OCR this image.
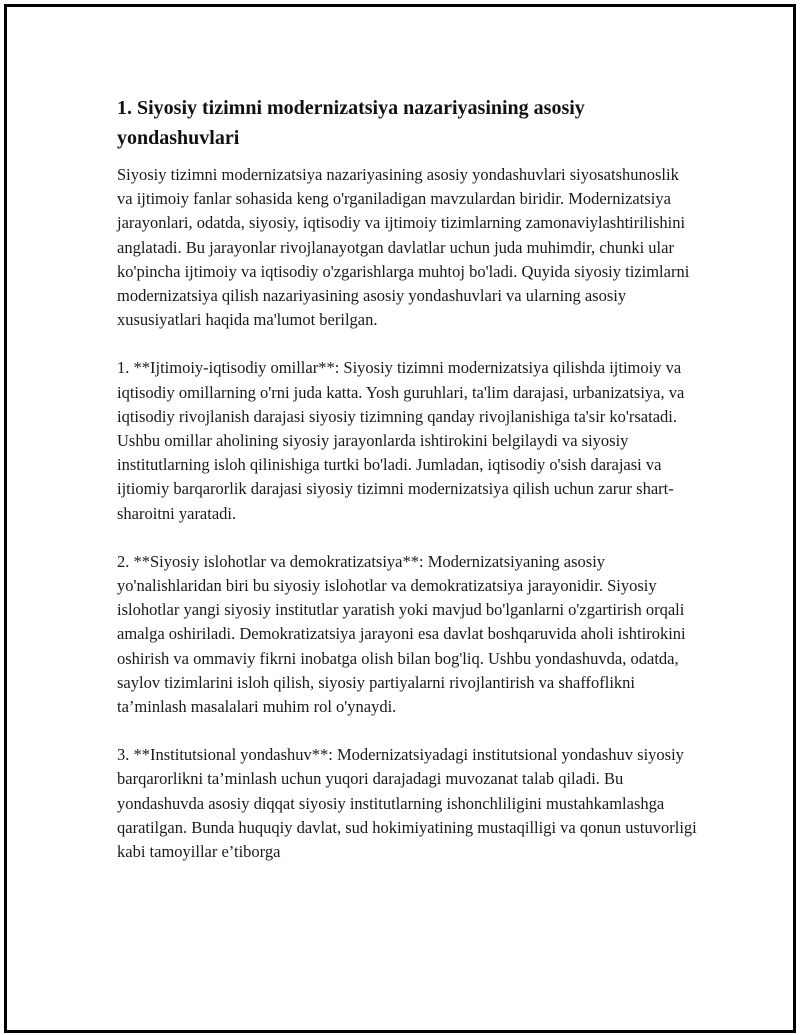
1. Siyosiy tizimni modernizatsiya nazariyasining asosiy yondashuvlari

Siyosiy tizimni modernizatsiya nazariyasining asosiy yondashuvlari siyosatshunoslik va ijtimoiy fanlar sohasida keng o'rganiladigan mavzulardan biridir. Modernizatsiya jarayonlari, odatda, siyosiy, iqtisodiy va ijtimoiy tizimlarning zamonaviylashtirilishini anglatadi. Bu jarayonlar rivojlanayotgan davlatlar uchun juda muhimdir, chunki ular ko'pincha ijtimoiy va iqtisodiy o'zgarishlarga muhtoj bo'ladi. Quyida siyosiy tizimlarni modernizatsiya qilish nazariyasining asosiy yondashuvlari va ularning asosiy xususiyatlari haqida ma'lumot berilgan.

1. **Ijtimoiy-iqtisodiy omillar**: Siyosiy tizimni modernizatsiya qilishda ijtimoiy va iqtisodiy omillarning o'rni juda katta. Yosh guruhlari, ta'lim darajasi, urbanizatsiya, va iqtisodiy rivojlanish darajasi siyosiy tizimning qanday rivojlanishiga ta'sir ko'rsatadi. Ushbu omillar aholining siyosiy jarayonlarda ishtirokini belgilaydi va siyosiy institutlarning isloh qilinishiga turtki bo'ladi. Jumladan, iqtisodiy o'sish darajasi va ijtiomiy barqarorlik darajasi siyosiy tizimni modernizatsiya qilish uchun zarur shart-sharoitni yaratadi.

2. **Siyosiy islohotlar va demokratizatsiya**: Modernizatsiyaning asosiy yo'nalishlaridan biri bu siyosiy islohotlar va demokratizatsiya jarayonidir. Siyosiy islohotlar yangi siyosiy institutlar yaratish yoki mavjud bo'lganlarni o'zgartirish orqali amalga oshiriladi. Demokratizatsiya jarayoni esa davlat boshqaruvida aholi ishtirokini oshirish va ommaviy fikrni inobatga olish bilan bog'liq. Ushbu yondashuvda, odatda, saylov tizimlarini isloh qilish, siyosiy partiyalarni rivojlantirish va shaffoflikni ta’minlash masalalari muhim rol o'ynaydi.

3. **Institutsional yondashuv**: Modernizatsiyadagi institutsional yondashuv siyosiy barqarorlikni ta’minlash uchun yuqori darajadagi muvozanat talab qiladi. Bu yondashuvda asosiy diqqat siyosiy institutlarning ishonchliligini mustahkamlashga qaratilgan. Bunda huquqiy davlat, sud hokimiyatining mustaqilligi va qonun ustuvorligi kabi tamoyillar e’tiborga
